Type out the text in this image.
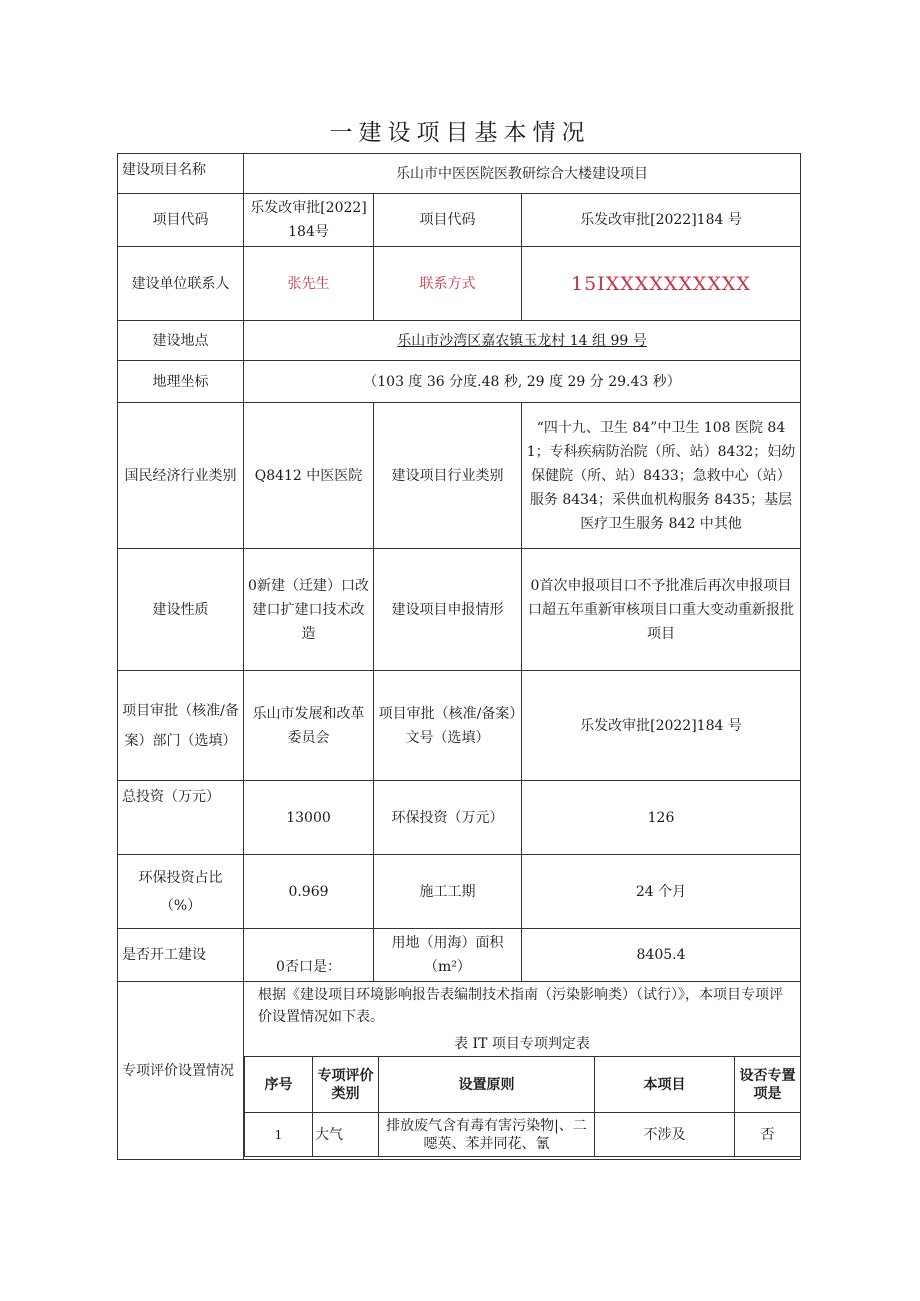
一建设项目基本情况
建设项目名称	乐山市中医医院医教研综合大楼建设项目
项目代码	乐发改审批[2022]184号	项目代码	乐发改审批[2022]184 号
建设单位联系人	张先生	联系方式	15IXXXXXXXXXX
建设地点	乐山市沙湾区嘉农镇玉龙村 14 组 99 号
地理坐标	（103 度 36 分度.48 秒, 29 度 29 分 29.43 秒）
国民经济行业类别	Q8412 中医医院	建设项目行业类别	“四十九、卫生 84”中卫生 108 医院 841；专科疾病防治院（所、站）8432；妇幼保健院（所、站）8433；急救中心（站）服务 8434；采供血机构服务 8435；基层医疗卫生服务 842 中其他
建设性质	0新建（迁建）口改建口扩建口技术改造	建设项目申报情形	0首次申报项目口不予批准后再次申报项目口超五年重新审核项目口重大变动重新报批项目
项目审批（核准/备案）部门（选填）	乐山市发展和改革委员会	项目审批（核准/备案）文号（选填）	乐发改审批[2022]184 号
总投资（万元）	13000	环保投资（万元）	126
环保投资占比（%）	0.969	施工工期	24 个月
是否开工建设	0否口是：	用地（用海）面积（m²）	8405.4
专项评价设置情况	
根据《建设项目环境影响报告表编制技术指南（污染影响类）（试行）》，本项目专项评价设置情况如下表。
表 IT 项目专项判定表
序号	专项评价类别	设置原则	本项目	设否专置项是
1	大气	排放废气含有毒有害污染物|、二噁英、苯并同花、氰	不涉及	否
